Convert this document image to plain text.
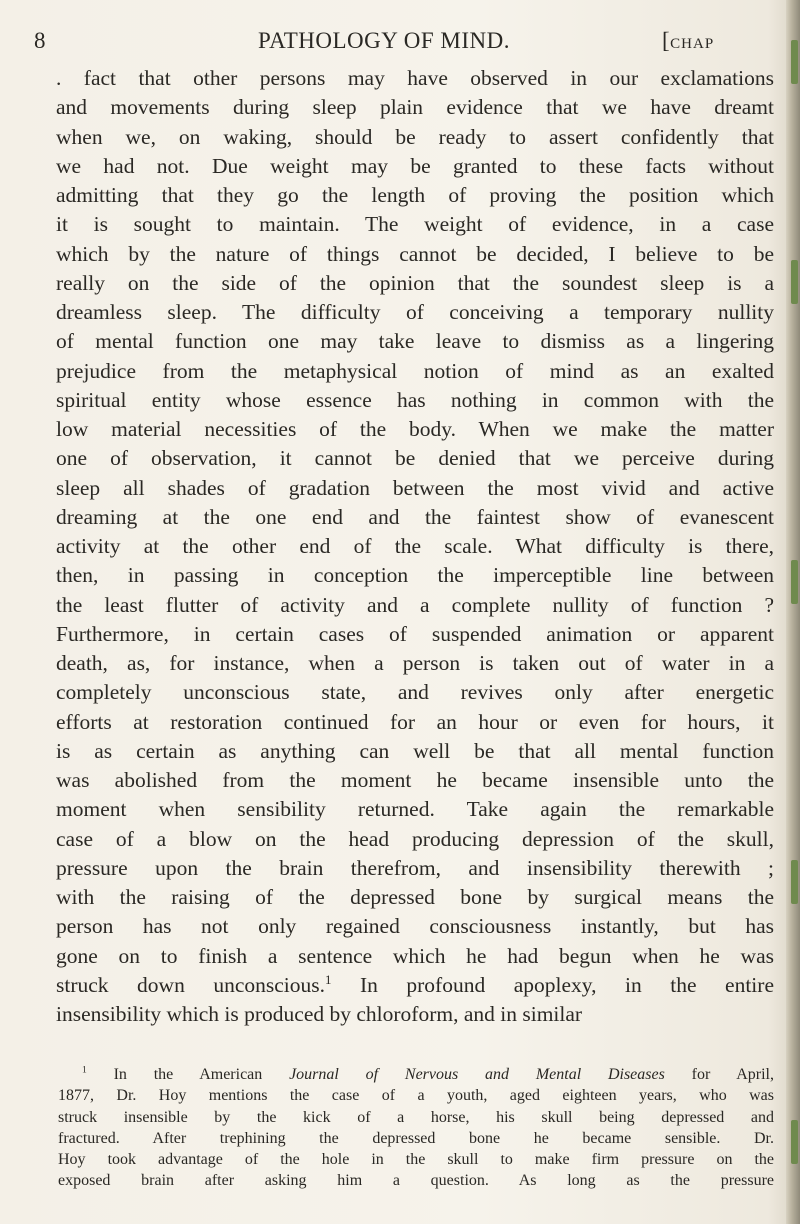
8	PATHOLOGY OF MIND.	[CHAP
. fact that other persons may have observed in our exclamations
and movements during sleep plain evidence that we have dreamt
when we, on waking, should be ready to assert confidently that
we had not. Due weight may be granted to these facts without
admitting that they go the length of proving the position which
it is sought to maintain. The weight of evidence, in a case
which by the nature of things cannot be decided, I believe to be
really on the side of the opinion that the soundest sleep is a
dreamless sleep. The difficulty of conceiving a temporary nullity
of mental function one may take leave to dismiss as a lingering
prejudice from the metaphysical notion of mind as an exalted
spiritual entity whose essence has nothing in common with the
low material necessities of the body. When we make the matter
one of observation, it cannot be denied that we perceive during
sleep all shades of gradation between the most vivid and active
dreaming at the one end and the faintest show of evanescent
activity at the other end of the scale. What difficulty is there,
then, in passing in conception the imperceptible line between
the least flutter of activity and a complete nullity of function ?
Furthermore, in certain cases of suspended animation or apparent
death, as, for instance, when a person is taken out of water in a
completely unconscious state, and revives only after energetic
efforts at restoration continued for an hour or even for hours, it
is as certain as anything can well be that all mental function
was abolished from the moment he became insensible unto the
moment when sensibility returned. Take again the remarkable
case of a blow on the head producing depression of the skull,
pressure upon the brain therefrom, and insensibility therewith ;
with the raising of the depressed bone by surgical means the
person has not only regained consciousness instantly, but has
gone on to finish a sentence which he had begun when he was
struck down unconscious.$^1$ In profound apoplexy, in the entire
insensibility which is produced by chloroform, and in similar
$^1$ In the American Journal of Nervous and Mental Diseases for April,
1877, Dr. Hoy mentions the case of a youth, aged eighteen years, who was
struck insensible by the kick of a horse, his skull being depressed and
fractured. After trephining the depressed bone he became sensible. Dr.
Hoy took advantage of the hole in the skull to make firm pressure on the
exposed brain after asking him a question. As long as the pressure
